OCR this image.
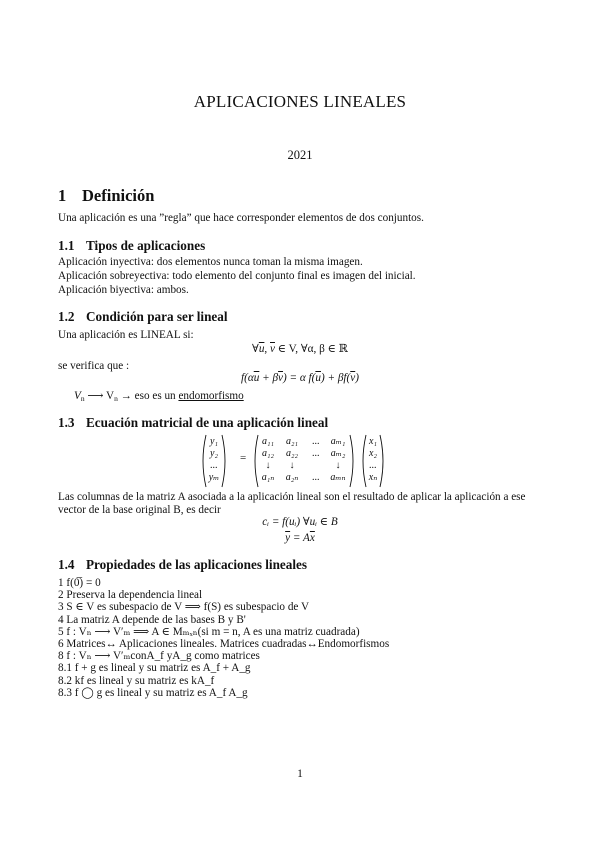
APLICACIONES LINEALES
2021
1 Definición
Una aplicación es una ”regla” que hace corresponder elementos de dos conjuntos.
1.1 Tipos de aplicaciones
Aplicación inyectiva: dos elementos nunca toman la misma imagen.
Aplicación sobreyectiva: todo elemento del conjunto final es imagen del inicial.
Aplicación biyectiva: ambos.
1.2 Condición para ser lineal
Una aplicación es LINEAL si:
$\forall\overline{u}$, $\overline{v}$ ∈ V, ∀α, β ∈ ℝ
se verifica que :
$f(\alpha\overline{u} + \beta\overline{v}) = \alpha$ $f(\overline{u}) + \beta f(\overline{v})$
$V_n$ ⟶ $V_n$ → eso es un endomorfismo
1.3 Ecuación matricial de una aplicación lineal
y₁
y₂
...
yₘ
=
a₁₁	a₂₁	...	aₘ₁
a₁₂	a₂₂	...	aₘ₂
↓	↓	↓
a₁ₙ	a₂ₙ	...	aₘₙ
x₁
x₂
...
xₙ
Las columnas de la matriz A asociada a la aplicación lineal son el resultado de aplicar la aplicación a ese
vector de la base original B, es decir
cᵢ = f(uᵢ) ∀uᵢ ∈ B
$\overline{y} = A\overline{x}$
1.4 Propiedades de las aplicaciones lineales
1 f(0̅) = 0
2 Preserva la dependencia lineal
3 S ∈ V es subespacio de V ⟹ f(S) es subespacio de V
4 La matriz A depende de las bases B y B'
5 f : Vₙ ⟶ V′ₘ ⟹ A ∈ Mₘₓₙ(si m = n, A es una matriz cuadrada)
6 Matrices↔ Aplicaciones lineales. Matrices cuadradas↔Endomorfismos
8 f : Vₙ ⟶ V′ₘconA_f yA_g como matrices
8.1 f + g es lineal y su matriz es A_f + A_g
8.2 kf es lineal y su matriz es kA_f
8.3 f ◯ g es lineal y su matriz es A_f A_g
1
